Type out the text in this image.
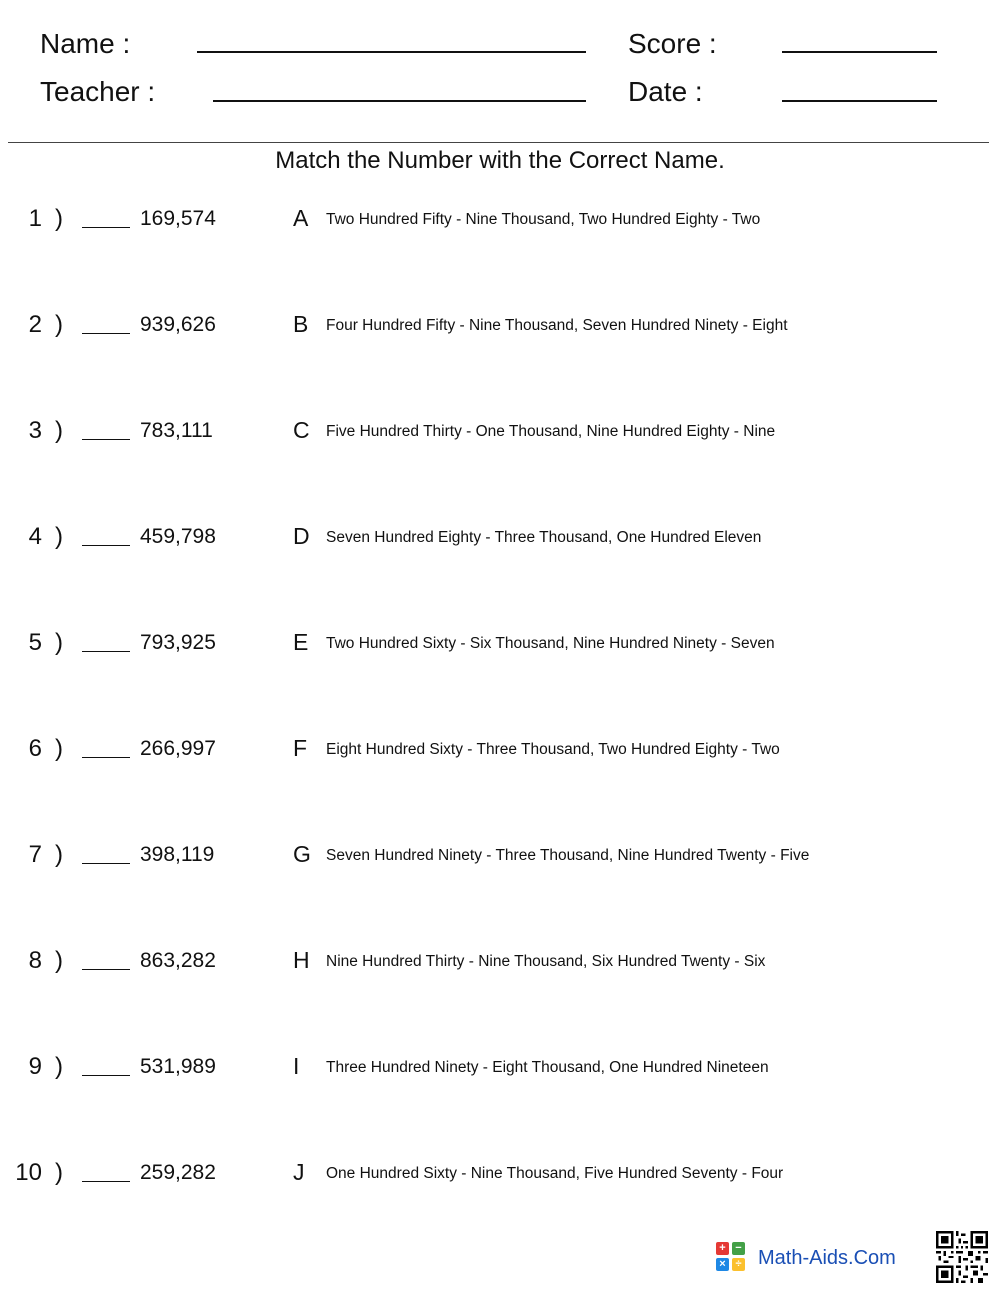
Name :
Teacher :
Score :
Date :
Match the Number with the Correct Name.
1 )	169,574	A Two Hundred Fifty - Nine Thousand, Two Hundred Eighty - Two
2 )	939,626	B Four Hundred Fifty - Nine Thousand, Seven Hundred Ninety - Eight
3 )	783,111	C Five Hundred Thirty - One Thousand, Nine Hundred Eighty - Nine
4 )	459,798	D Seven Hundred Eighty - Three Thousand, One Hundred Eleven
5 )	793,925	E Two Hundred Sixty - Six Thousand, Nine Hundred Ninety - Seven
6 )	266,997	F Eight Hundred Sixty - Three Thousand, Two Hundred Eighty - Two
7 )	398,119	G Seven Hundred Ninety - Three Thousand, Nine Hundred Twenty - Five
8 )	863,282	H Nine Hundred Thirty - Nine Thousand, Six Hundred Twenty - Six
9 )	531,989	I Three Hundred Ninety - Eight Thousand, One Hundred Nineteen
10 )	259,282	J One Hundred Sixty - Nine Thousand, Five Hundred Seventy - Four
+ −
× ÷ Math-Aids.Com
